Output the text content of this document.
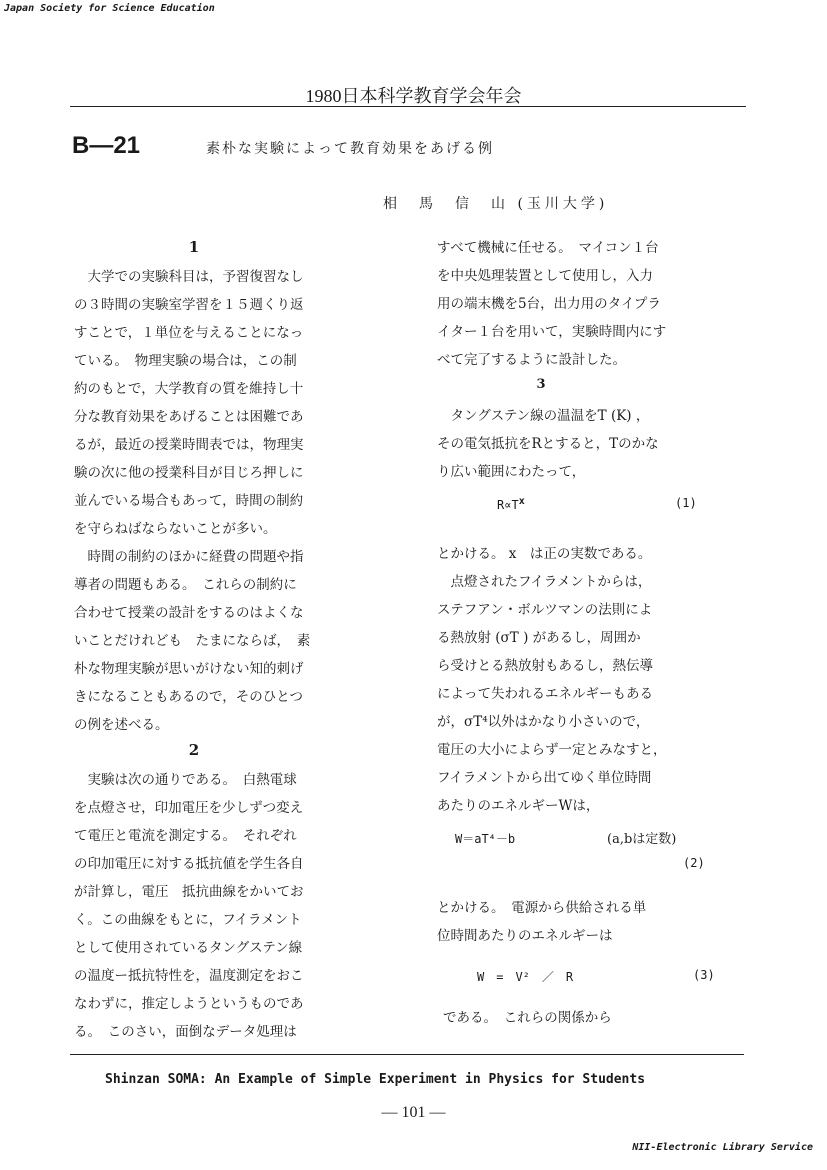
Japan Society for Science Education
1980日本科学教育学会年会
B—21	素朴な実験によって教育効果をあげる例
相　馬　信　山 (玉川大学)
1
　大学での実験科目は，予習復習なし
の３時間の実験室学習を１５週くり返
すことで，１単位を与えることになっ
ている。　物理実験の場合は，この制
約のもとで，大学教育の質を維持し十
分な教育効果をあげることは困難であ
るが，最近の授業時間表では，物理実
験の次に他の授業科目が目じろ押しに
並んでいる場合もあって，時間の制約
を守らねばならないことが多い。
　時間の制約のほかに経費の問題や指
導者の問題もある。　これらの制約に
合わせて授業の設計をするのはよくな
いことだけれども　たまにならば，　素
朴な物理実験が思いがけない知的刺げ
きになることもあるので，そのひとつ
の例を述べる。
2
　実験は次の通りである。　白熱電球
を点燈させ，印加電圧を少しずつ変え
て電圧と電流を測定する。　それぞれ
の印加電圧に対する抵抗値を学生各自
が計算し，電圧　抵抗曲線をかいてお
く。この曲線をもとに，フイラメント
として使用されているタングステン線
の温度ー抵抗特性を，温度測定をおこ
なわずに，推定しようというものであ
る。　このさい，面倒なデータ処理は
すべて機械に任せる。　マイコン１台
を中央処理装置として使用し，入力
用の端末機を5台，出力用のタイプラ
イター１台を用いて，実験時間内にす
べて完了するように設計した。
3
　タングステン線の温温をT (K) ，
その電気抵抗をRとすると，Tのかな
り広い範囲にわたって，
$R\propto T^x$	(1)
とかける。 x　は正の実数である。
　点燈されたフイラメントからは，
ステフアン・ボルツマンの法則によ
る熱放射 (σT ) があるし，周囲か
ら受けとる熱放射もあるし，熱伝導
によって失われるエネルギーもある
が，σT⁴以外はかなり小さいので，
電圧の大小によらず一定とみなすと，
フイラメントから出てゆく単位時間
あたりのエネルギーWは，
W＝aT⁴－b	(a,bは定数)
(2)
とかける。　電源から供給される単
位時間あたりのエネルギーは
W　=　V²　／　R	(3)
である。　これらの関係から
Shinzan SOMA: An Example of Simple Experiment in Physics for Students
— 101 —
NII-Electronic Library Service
